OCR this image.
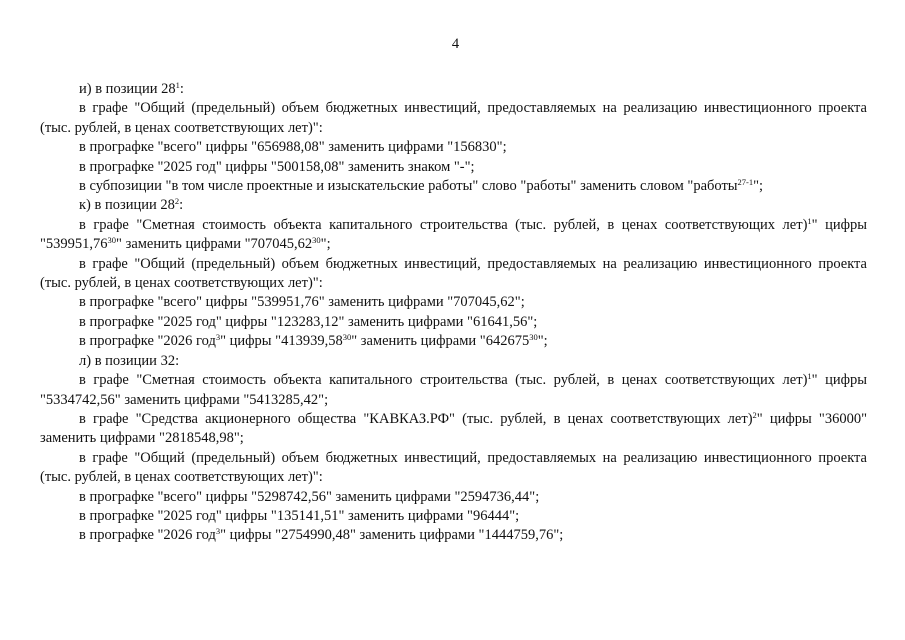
4

и) в позиции $28^1$:

в графе "Общий (предельный) объем бюджетных инвестиций, предоставляемых на реализацию инвестиционного проекта (тыс. рублей, в ценах соответствующих лет)":

в прографке "всего" цифры "656988,08" заменить цифрами "156830";

в прографке "2025 год" цифры "500158,08" заменить знаком "-";

в субпозиции "в том числе проектные и изыскательские работы" слово "работы" заменить словом "работы$^{27-1}$";

к) в позиции $28^2$:

в графе "Сметная стоимость объекта капитального строительства (тыс. рублей, в ценах соответствующих лет)$^1$" цифры "539951,76$^{30}$" заменить цифрами "707045,62$^{30}$";

в графе "Общий (предельный) объем бюджетных инвестиций, предоставляемых на реализацию инвестиционного проекта (тыс. рублей, в ценах соответствующих лет)":

в прографке "всего" цифры "539951,76" заменить цифрами "707045,62";

в прографке "2025 год" цифры "123283,12" заменить цифрами "61641,56";

в прографке "2026 год$^3$" цифры "413939,58$^{30}$" заменить цифрами "642675$^{30}$";

л) в позиции 32:

в графе "Сметная стоимость объекта капитального строительства (тыс. рублей, в ценах соответствующих лет)$^1$" цифры "5334742,56" заменить цифрами "5413285,42";

в графе "Средства акционерного общества "КАВКАЗ.РФ" (тыс. рублей, в ценах соответствующих лет)$^2$" цифры "36000" заменить цифрами "2818548,98";

в графе "Общий (предельный) объем бюджетных инвестиций, предоставляемых на реализацию инвестиционного проекта (тыс. рублей, в ценах соответствующих лет)":

в прографке "всего" цифры "5298742,56" заменить цифрами "2594736,44";

в прографке "2025 год" цифры "135141,51" заменить цифрами "96444";

в прографке "2026 год$^3$" цифры "2754990,48" заменить цифрами "1444759,76";
